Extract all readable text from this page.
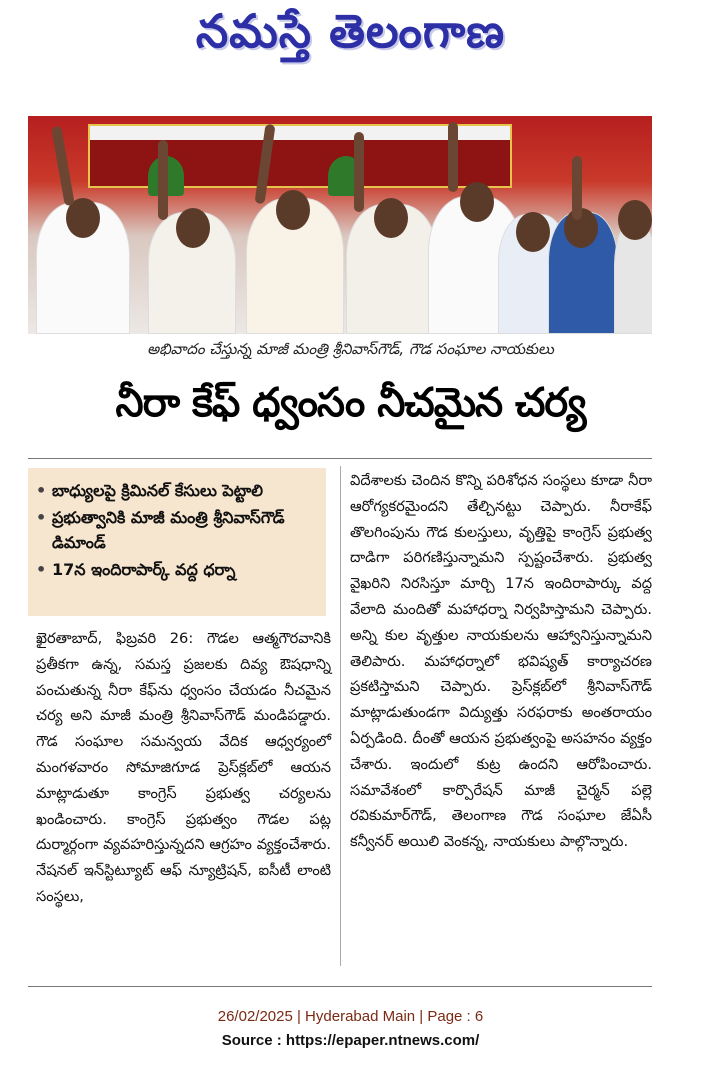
నమస్తే తెలంగాణ
అభివాదం చేస్తున్న మాజీ మంత్రి శ్రీనివాస్‌గౌడ్, గౌడ సంఘాల నాయకులు
నీరా కేఫ్ ధ్వంసం నీచమైన చర్య
• బాధ్యులపై క్రిమినల్ కేసులు పెట్టాలి
• ప్రభుత్వానికి మాజీ మంత్రి శ్రీనివాస్‌గౌడ్ డిమాండ్
• 17న ఇందిరాపార్క్ వద్ద ధర్నా
ఖైరతాబాద్, ఫిబ్రవరి 26: గౌడల ఆత్మగౌరవానికి ప్రతీకగా ఉన్న, సమస్త ప్రజలకు దివ్య ఔషధాన్ని పంచుతున్న నీరా కేఫ్‌ను ధ్వంసం చేయడం నీచమైన చర్య అని మాజీ మంత్రి శ్రీనివాస్‌గౌడ్ మండిపడ్డారు. గౌడ సంఘాల సమన్వయ వేదిక ఆధ్వర్యంలో మంగళవారం సోమాజిగూడ ప్రెస్‌క్లబ్‌లో ఆయన మాట్లాడుతూ కాంగ్రెస్ ప్రభుత్వ చర్యలను ఖండించారు. కాంగ్రెస్ ప్రభుత్వం గౌడల పట్ల దుర్మార్గంగా వ్యవహరిస్తున్నదని ఆగ్రహం వ్యక్తంచేశారు. నేషనల్ ఇన్‌స్టిట్యూట్ ఆఫ్ న్యూట్రిషన్, ఐసీటీ లాంటి సంస్థలు,
విదేశాలకు చెందిన కొన్ని పరిశోధన సంస్థలు కూడా నీరా ఆరోగ్యకరమైందని తేల్చినట్టు చెప్పారు. నీరాకేఫ్ తొలగింపును గౌడ కులస్తులు, వృత్తిపై కాంగ్రెస్ ప్రభుత్వ దాడిగా పరిగణిస్తున్నామని స్పష్టంచేశారు. ప్రభుత్వ వైఖరిని నిరసిస్తూ మార్చి 17న ఇందిరాపార్కు వద్ద వేలాది మందితో మహాధర్నా నిర్వహిస్తామని చెప్పారు. అన్ని కుల వృత్తుల నాయకులను ఆహ్వానిస్తున్నామని తెలిపారు. మహాధర్నాలో భవిష్యత్ కార్యాచరణ ప్రకటిస్తామని చెప్పారు. ప్రెస్‌క్లబ్‌లో శ్రీనివాస్‌గౌడ్ మాట్లాడుతుండగా విద్యుత్తు సరఫరాకు అంతరాయం ఏర్పడింది. దీంతో ఆయన ప్రభుత్వంపై అసహనం వ్యక్తం చేశారు. ఇందులో కుట్ర ఉందని ఆరోపించారు. సమావేశంలో కార్పొరేషన్ మాజీ చైర్మన్ పల్లె రవికుమార్‌గౌడ్, తెలంగాణ గౌడ సంఘాల జేఏసీ కన్వీనర్ అయిలి వెంకన్న, నాయకులు పాల్గొన్నారు.
26/02/2025 | Hyderabad Main | Page : 6
Source : https://epaper.ntnews.com/
